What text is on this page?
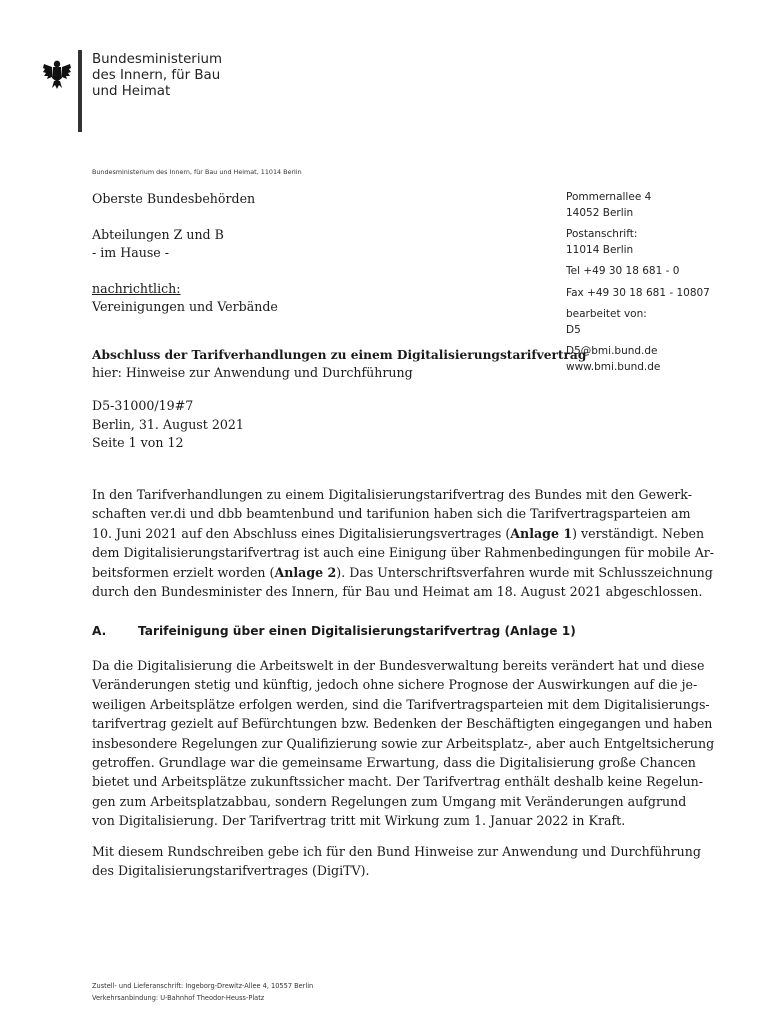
Bundesministerium
des Innern, für Bau
und Heimat
Bundesministerium des Innern, für Bau und Heimat, 11014 Berlin
Oberste Bundesbehörden
Abteilungen Z und B
- im Hause -
nachrichtlich:
Vereinigungen und Verbände
Pommernallee 4
14052 Berlin
Postanschrift:
11014 Berlin
Tel +49 30 18 681 - 0
Fax +49 30 18 681 - 10807
bearbeitet von:
D5
D5@bmi.bund.de
www.bmi.bund.de
Abschluss der Tarifverhandlungen zu einem Digitalisierungstarifvertrag
hier: Hinweise zur Anwendung und Durchführung
D5-31000/19#7
Berlin, 31. August 2021
Seite 1 von 12
In den Tarifverhandlungen zu einem Digitalisierungstarifvertrag des Bundes mit den Gewerk-
schaften ver.di und dbb beamtenbund und tarifunion haben sich die Tarifvertragsparteien am
10. Juni 2021 auf den Abschluss eines Digitalisierungsvertrages (Anlage 1) verständigt. Neben
dem Digitalisierungstarifvertrag ist auch eine Einigung über Rahmenbedingungen für mobile Ar-
beitsformen erzielt worden (Anlage 2). Das Unterschriftsverfahren wurde mit Schlusszeichnung
durch den Bundesminister des Innern, für Bau und Heimat am 18. August 2021 abgeschlossen.
A.	Tarifeinigung über einen Digitalisierungstarifvertrag (Anlage 1)
Da die Digitalisierung die Arbeitswelt in der Bundesverwaltung bereits verändert hat und diese
Veränderungen stetig und künftig, jedoch ohne sichere Prognose der Auswirkungen auf die je-
weiligen Arbeitsplätze erfolgen werden, sind die Tarifvertragsparteien mit dem Digitalisierungs-
tarifvertrag gezielt auf Befürchtungen bzw. Bedenken der Beschäftigten eingegangen und haben
insbesondere Regelungen zur Qualifizierung sowie zur Arbeitsplatz-, aber auch Entgeltsicherung
getroffen. Grundlage war die gemeinsame Erwartung, dass die Digitalisierung große Chancen
bietet und Arbeitsplätze zukunftssicher macht. Der Tarifvertrag enthält deshalb keine Regelun-
gen zum Arbeitsplatzabbau, sondern Regelungen zum Umgang mit Veränderungen aufgrund
von Digitalisierung. Der Tarifvertrag tritt mit Wirkung zum 1. Januar 2022 in Kraft.
Mit diesem Rundschreiben gebe ich für den Bund Hinweise zur Anwendung und Durchführung
des Digitalisierungstarifvertrages (DigiTV).
Zustell- und Lieferanschrift: Ingeborg-Drewitz-Allee 4, 10557 Berlin
Verkehrsanbindung: U-Bahnhof Theodor-Heuss-Platz
